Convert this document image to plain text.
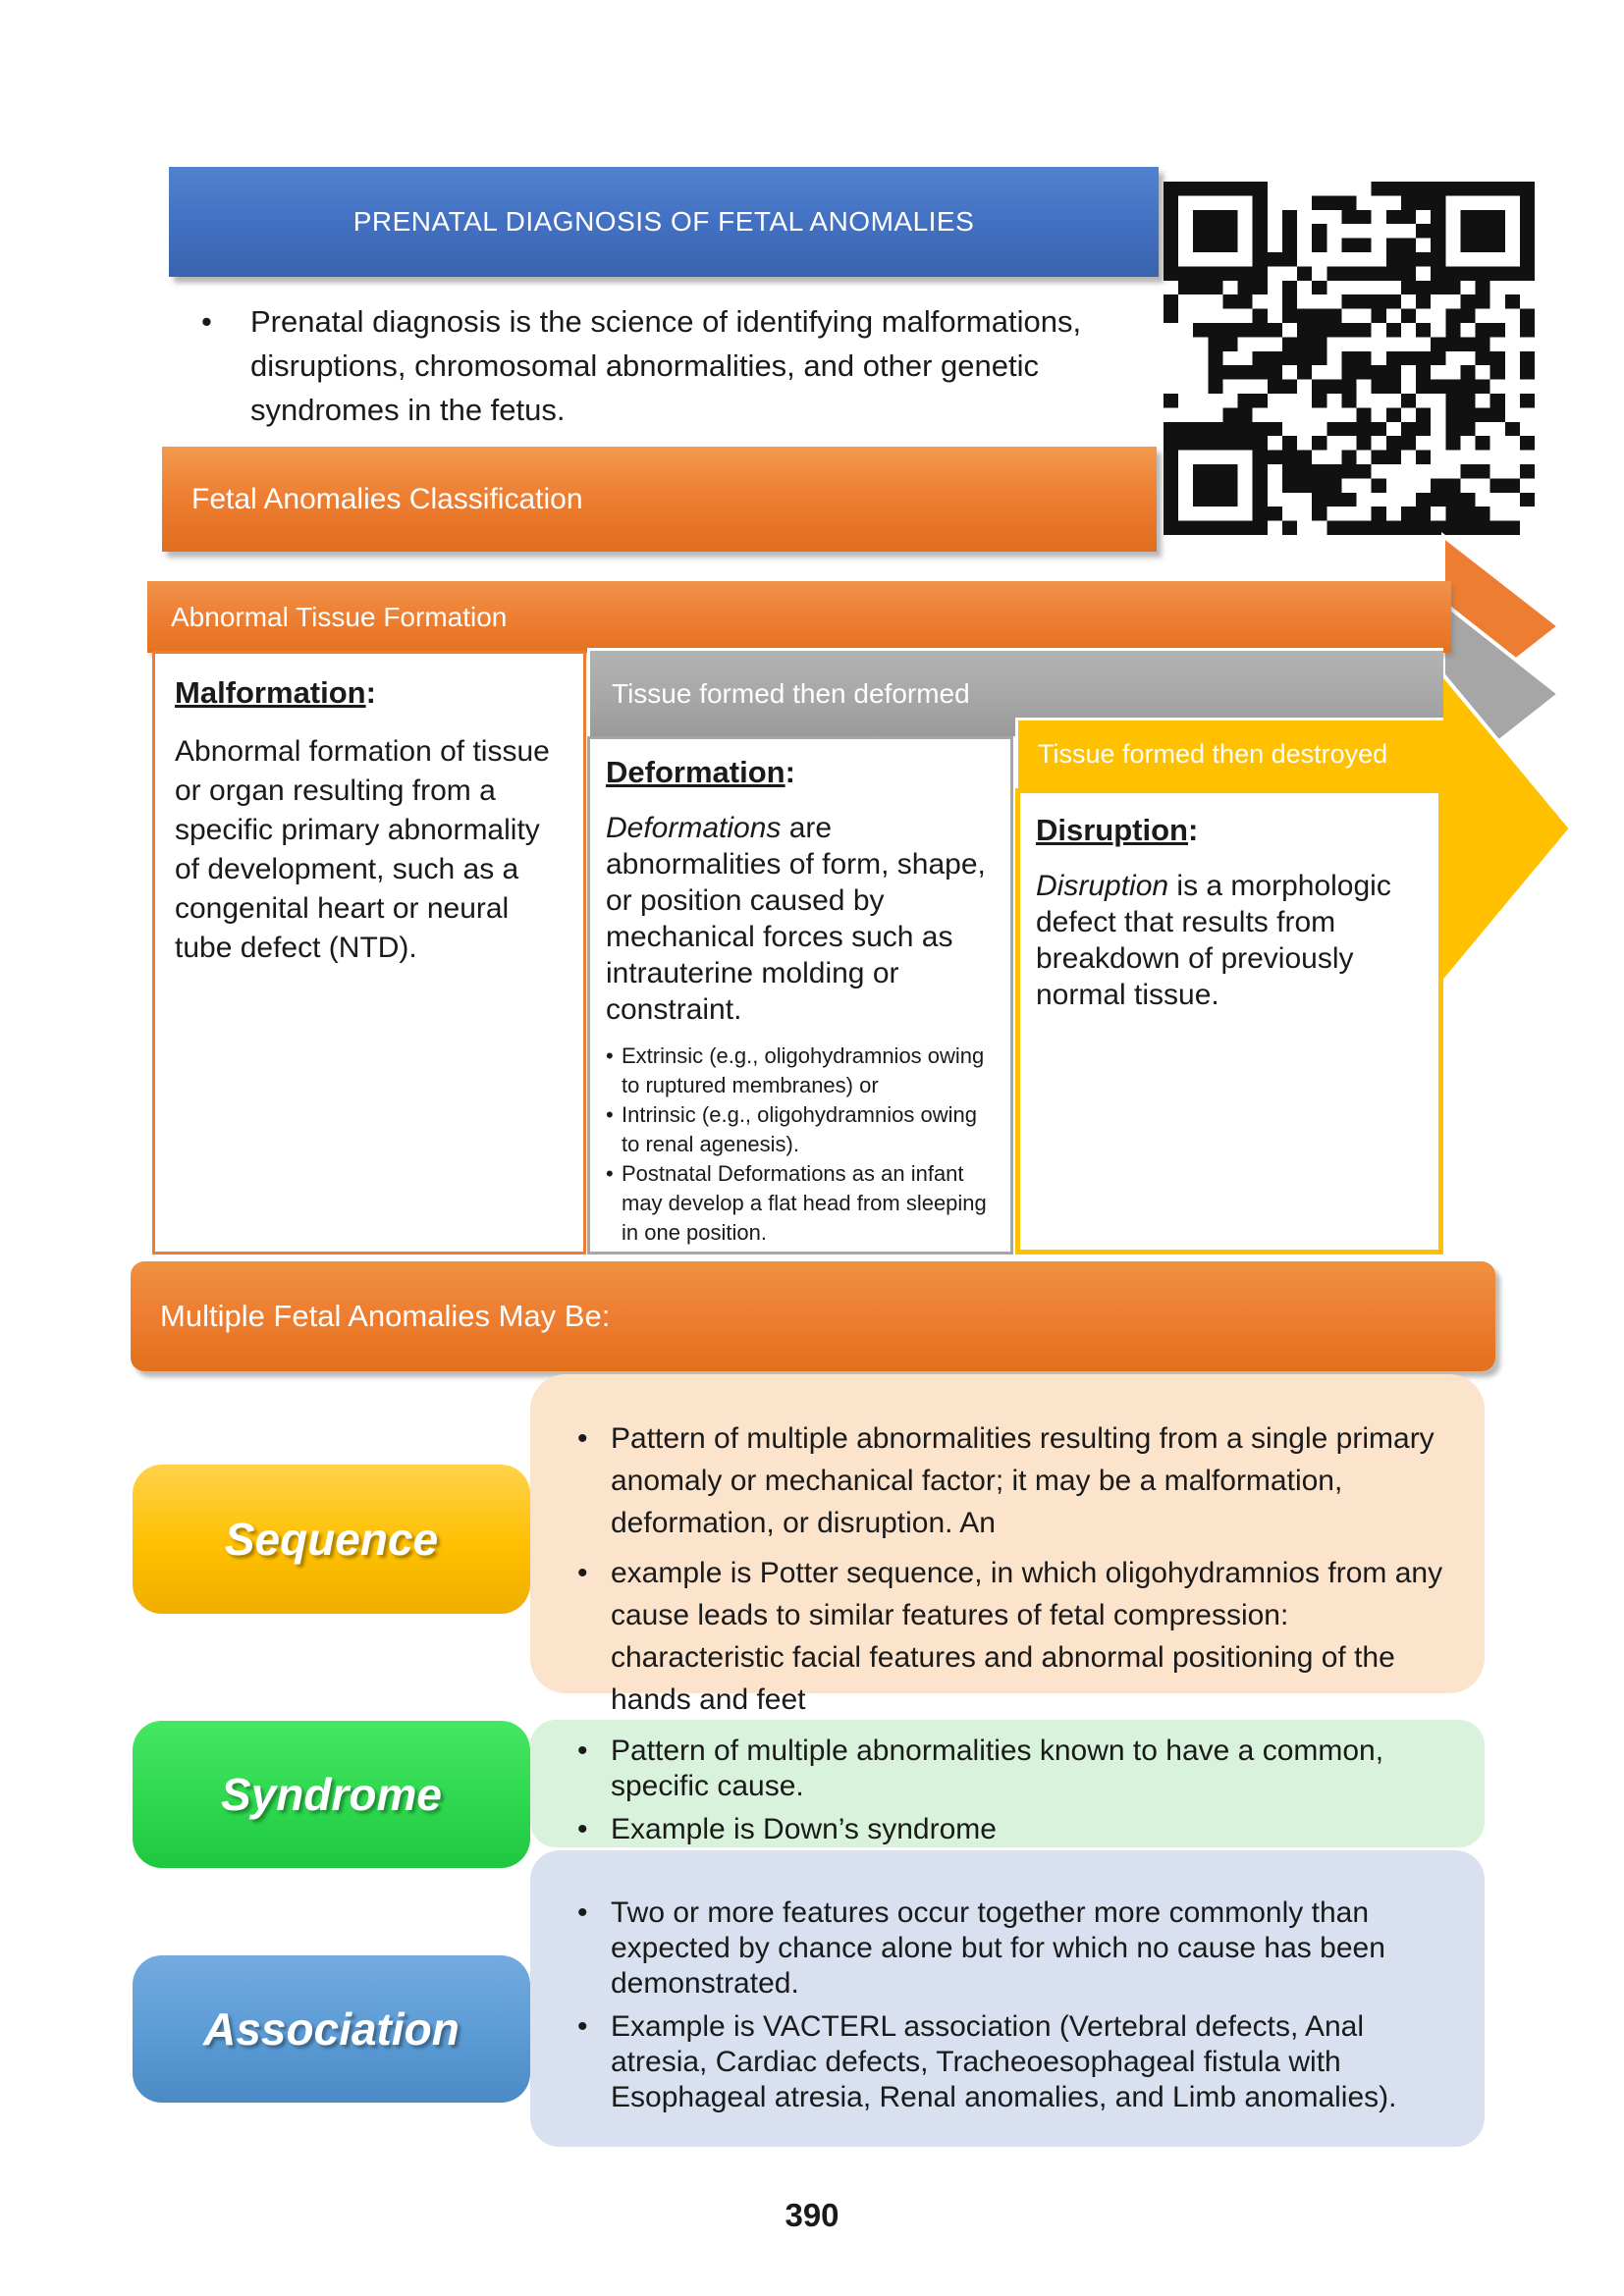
PRENATAL DIAGNOSIS OF FETAL ANOMALIES
•	Prenatal diagnosis is the science of identifying malformations, disruptions, chromosomal abnormalities, and other genetic syndromes in the fetus.
Fetal Anomalies Classification
Abnormal Tissue Formation
Tissue formed then deformed
Tissue formed then destroyed
Malformation:
Abnormal formation of tissue or organ resulting from a specific primary abnormality of development, such as a congenital heart or neural tube defect (NTD).
Deformation:
Deformations are abnormalities of form, shape, or position caused by mechanical forces such as intrauterine molding or constraint.
• Extrinsic (e.g., oligohydramnios owing to ruptured membranes) or
• Intrinsic (e.g., oligohydramnios owing to renal agenesis).
• Postnatal Deformations as an infant may develop a flat head from sleeping in one position.
Disruption:
Disruption is a morphologic defect that results from breakdown of previously normal tissue.
Multiple Fetal Anomalies May Be:
• Pattern of multiple abnormalities resulting from a single primary anomaly or mechanical factor; it may be a malformation, deformation, or disruption. An
• example is Potter sequence, in which oligohydramnios from any cause leads to similar features of fetal compression: characteristic facial features and abnormal positioning of the hands and feet
Sequence
• Pattern of multiple abnormalities known to have a common, specific cause.
• Example is Down’s syndrome
Syndrome
• Two or more features occur together more commonly than expected by chance alone but for which no cause has been demonstrated.
• Example is VACTERL association (Vertebral defects, Anal atresia, Cardiac defects, Tracheoesophageal fistula with Esophageal atresia, Renal anomalies, and Limb anomalies).
Association
390
